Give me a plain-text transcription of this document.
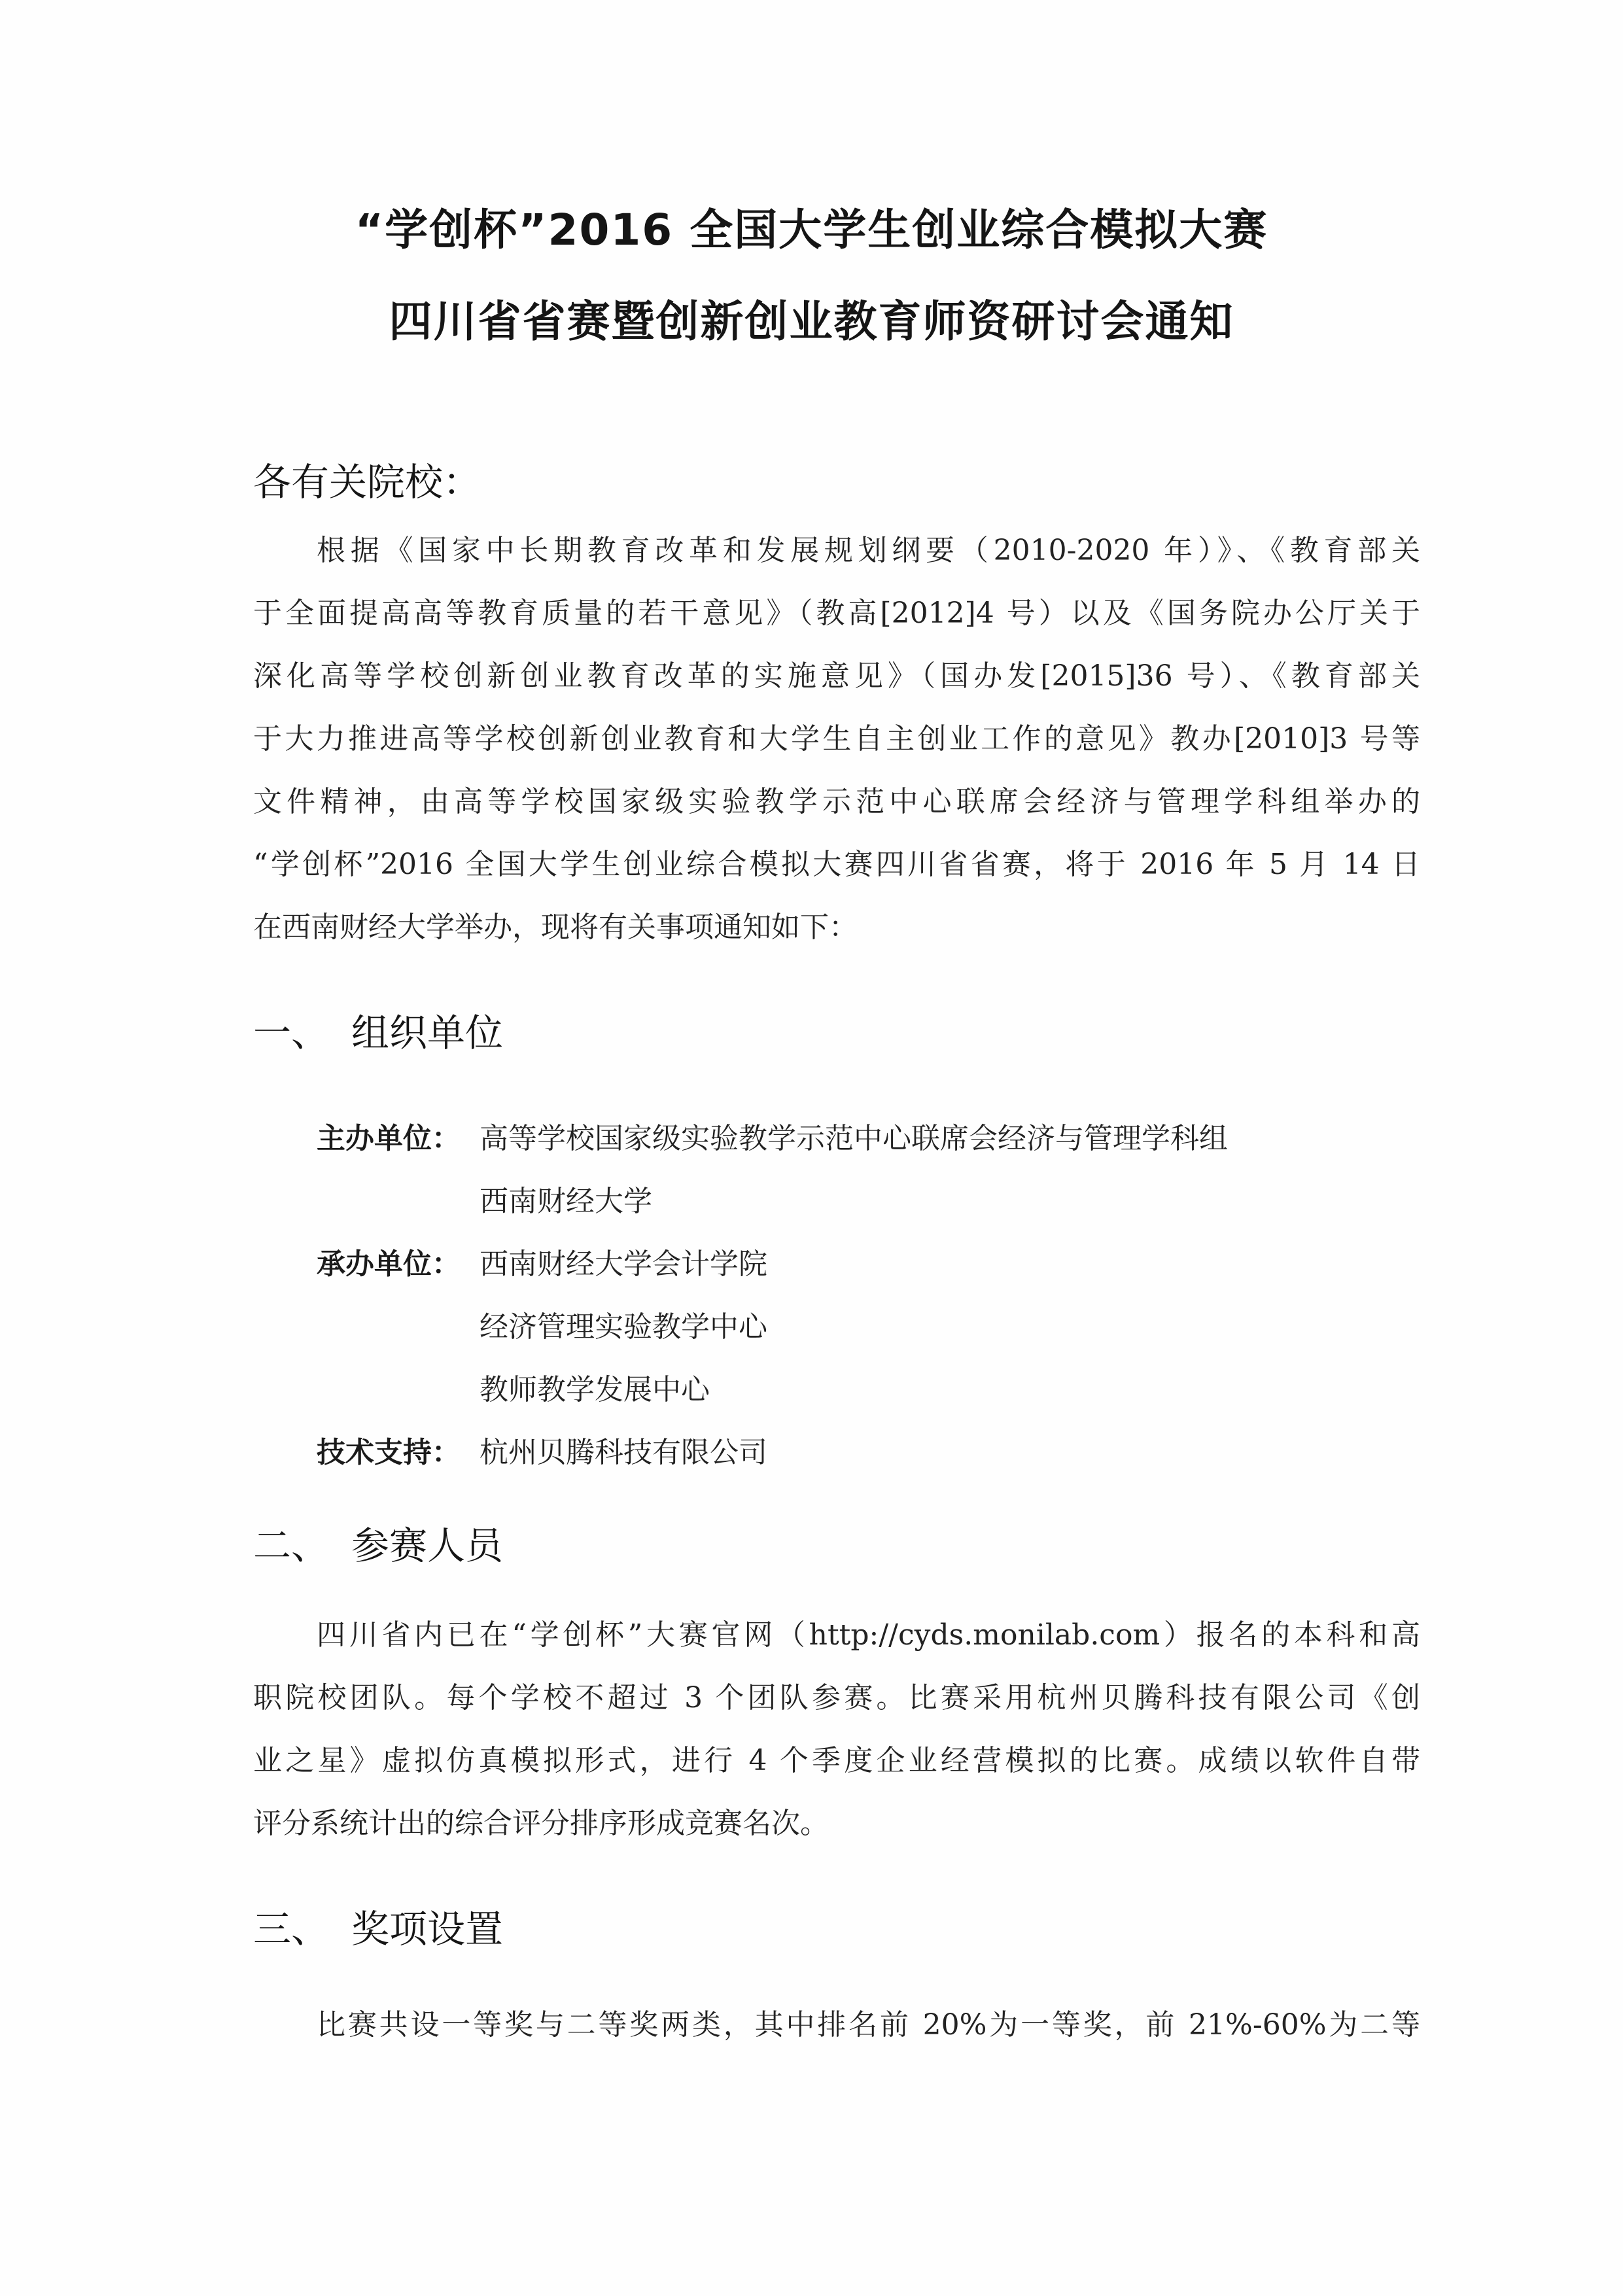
“学创杯”2016 全国大学生创业综合模拟大赛
四川省省赛暨创新创业教育师资研讨会通知
各有关院校：
根据《国家中长期教育改革和发展规划纲要（2010-2020 年）》、《教育部关
于全面提高高等教育质量的若干意见》（教高[2012]4 号）以及《国务院办公厅关于
深化高等学校创新创业教育改革的实施意见》（国办发[2015]36 号）、《教育部关
于大力推进高等学校创新创业教育和大学生自主创业工作的意见》教办[2010]3 号等
文件精神，由高等学校国家级实验教学示范中心联席会经济与管理学科组举办的
“学创杯”2016 全国大学生创业综合模拟大赛四川省省赛，将于 2016 年 5 月 14 日
在西南财经大学举办，现将有关事项通知如下：
一、 组织单位
主办单位： 高等学校国家级实验教学示范中心联席会经济与管理学科组
西南财经大学
承办单位： 西南财经大学会计学院
经济管理实验教学中心
教师教学发展中心
技术支持： 杭州贝腾科技有限公司
二、 参赛人员
四川省内已在“学创杯”大赛官网（http://cyds.monilab.com）报名的本科和高
职院校团队。每个学校不超过 3 个团队参赛。比赛采用杭州贝腾科技有限公司《创
业之星》虚拟仿真模拟形式，进行 4 个季度企业经营模拟的比赛。成绩以软件自带
评分系统计出的综合评分排序形成竞赛名次。
三、 奖项设置
比赛共设一等奖与二等奖两类，其中排名前 20%为一等奖，前 21%-60%为二等
